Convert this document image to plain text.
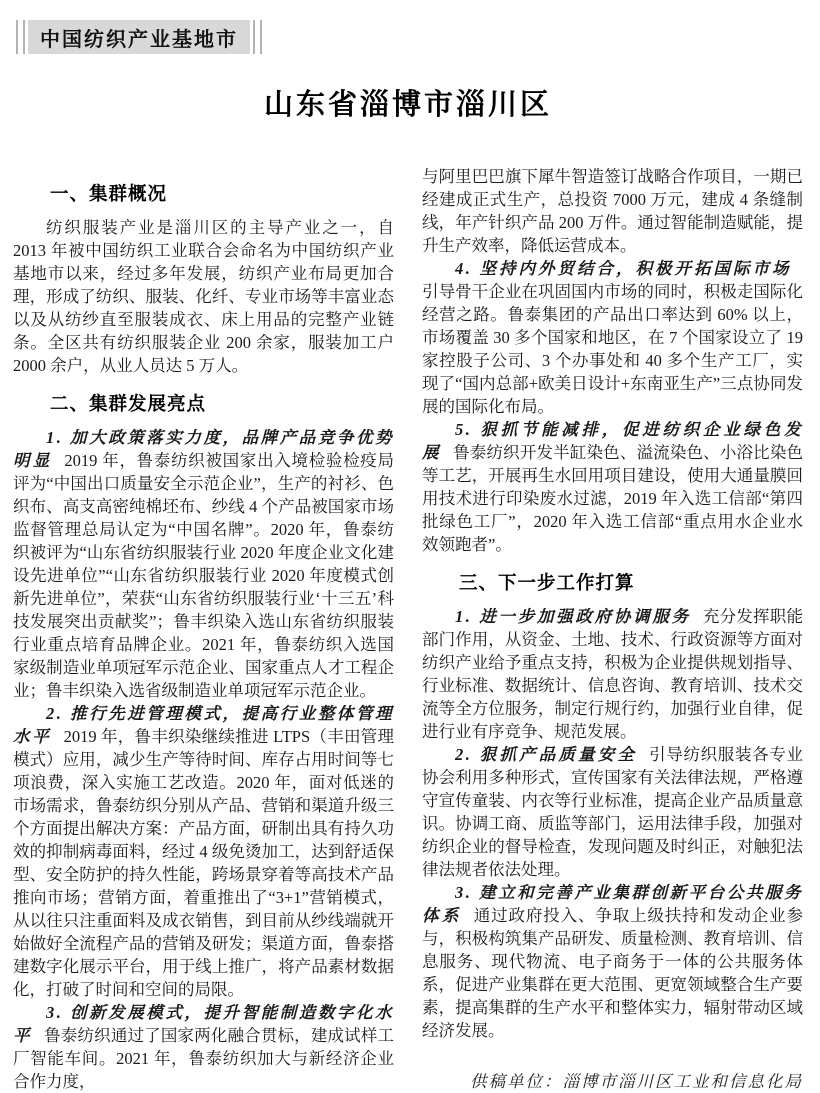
中国纺织产业基地市
山东省淄博市淄川区
一、集群概况

纺织服装产业是淄川区的主导产业之一，自 2013 年被中国纺织工业联合会命名为中国纺织产业基地市以来，经过多年发展，纺织产业布局更加合理，形成了纺织、服装、化纤、专业市场等丰富业态以及从纺纱直至服装成衣、床上用品的完整产业链条。全区共有纺织服装企业 200 余家，服装加工户 2000 余户，从业人员达 5 万人。

二、集群发展亮点

1. 加大政策落实力度，品牌产品竞争优势明显 2019 年，鲁泰纺织被国家出入境检验检疫局评为“中国出口质量安全示范企业”，生产的衬衫、色织布、高支高密纯棉坯布、纱线 4 个产品被国家市场监督管理总局认定为“中国名牌”。2020 年，鲁泰纺织被评为“山东省纺织服装行业 2020 年度企业文化建设先进单位”“山东省纺织服装行业 2020 年度模式创新先进单位”，荣获“山东省纺织服装行业‘十三五’科技发展突出贡献奖”；鲁丰织染入选山东省纺织服装行业重点培育品牌企业。2021 年，鲁泰纺织入选国家级制造业单项冠军示范企业、国家重点人才工程企业；鲁丰织染入选省级制造业单项冠军示范企业。

2. 推行先进管理模式，提高行业整体管理水平 2019 年，鲁丰织染继续推进 LTPS（丰田管理模式）应用，减少生产等待时间、库存占用时间等七项浪费，深入实施工艺改造。2020 年，面对低迷的市场需求，鲁泰纺织分别从产品、营销和渠道升级三个方面提出解决方案：产品方面，研制出具有持久功效的抑制病毒面料，经过 4 级免烫加工，达到舒适保型、安全防护的持久性能，跨场景穿着等高技术产品推向市场；营销方面，着重推出了“3+1”营销模式，从以往只注重面料及成衣销售，到目前从纱线端就开始做好全流程产品的营销及研发；渠道方面，鲁泰搭建数字化展示平台，用于线上推广，将产品素材数据化，打破了时间和空间的局限。

3. 创新发展模式，提升智能制造数字化水平 鲁泰纺织通过了国家两化融合贯标，建成试样工厂智能车间。2021 年，鲁泰纺织加大与新经济企业合作力度，

与阿里巴巴旗下犀牛智造签订战略合作项目，一期已经建成正式生产，总投资 7000 万元，建成 4 条缝制线，年产针织产品 200 万件。通过智能制造赋能，提升生产效率，降低运营成本。

4. 坚持内外贸结合，积极开拓国际市场引导骨干企业在巩固国内市场的同时，积极走国际化经营之路。鲁泰集团的产品出口率达到 60% 以上，市场覆盖 30 多个国家和地区，在 7 个国家设立了 19 家控股子公司、3 个办事处和 40 多个生产工厂，实现了“国内总部+欧美日设计+东南亚生产”三点协同发展的国际化布局。

5. 狠抓节能减排，促进纺织企业绿色发展 鲁泰纺织开发半缸染色、溢流染色、小浴比染色等工艺，开展再生水回用项目建设，使用大通量膜回用技术进行印染废水过滤，2019 年入选工信部“第四批绿色工厂”，2020 年入选工信部“重点用水企业水效领跑者”。

三、下一步工作打算

1. 进一步加强政府协调服务 充分发挥职能部门作用，从资金、土地、技术、行政资源等方面对纺织产业给予重点支持，积极为企业提供规划指导、行业标准、数据统计、信息咨询、教育培训、技术交流等全方位服务，制定行规行约，加强行业自律，促进行业有序竞争、规范发展。

2. 狠抓产品质量安全 引导纺织服装各专业协会利用多种形式，宣传国家有关法律法规，严格遵守宣传童装、内衣等行业标准，提高企业产品质量意识。协调工商、质监等部门，运用法律手段，加强对纺织企业的督导检查，发现问题及时纠正，对触犯法律法规者依法处理。

3. 建立和完善产业集群创新平台公共服务体系 通过政府投入、争取上级扶持和发动企业参与，积极构筑集产品研发、质量检测、教育培训、信息服务、现代物流、电子商务于一体的公共服务体系，促进产业集群在更大范围、更宽领域整合生产要素，提高集群的生产水平和整体实力，辐射带动区域经济发展。

供稿单位：淄博市淄川区工业和信息化局
